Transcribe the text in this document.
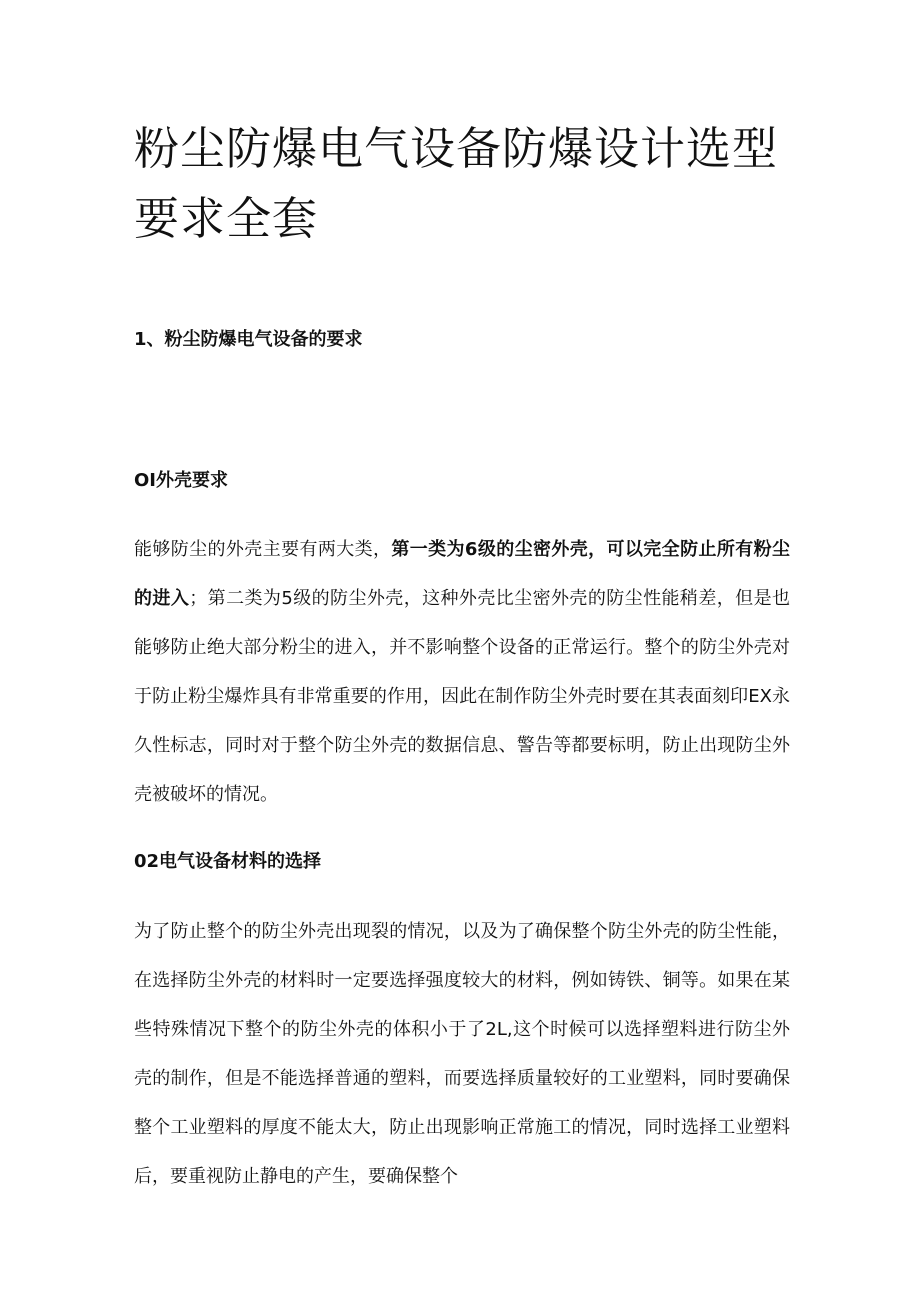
粉尘防爆电气设备防爆设计选型要求全套
1、粉尘防爆电气设备的要求
OI外壳要求

能够防尘的外壳主要有两大类，第一类为6级的尘密外壳，可以完全防止所有粉尘的进入；第二类为5级的防尘外壳，这种外壳比尘密外壳的防尘性能稍差，但是也能够防止绝大部分粉尘的进入，并不影响整个设备的正常运行。整个的防尘外壳对于防止粉尘爆炸具有非常重要的作用，因此在制作防尘外壳时要在其表面刻印EX永久性标志，同时对于整个防尘外壳的数据信息、警告等都要标明，防止出现防尘外壳被破坏的情况。

02电气设备材料的选择

为了防止整个的防尘外壳出现裂的情况，以及为了确保整个防尘外壳的防尘性能，在选择防尘外壳的材料时一定要选择强度较大的材料，例如铸铁、铜等。如果在某些特殊情况下整个的防尘外壳的体积小于了2L,这个时候可以选择塑料进行防尘外壳的制作，但是不能选择普通的塑料，而要选择质量较好的工业塑料，同时要确保整个工业塑料的厚度不能太大，防止出现影响正常施工的情况，同时选择工业塑料后，要重视防止静电的产生，要确保整个
